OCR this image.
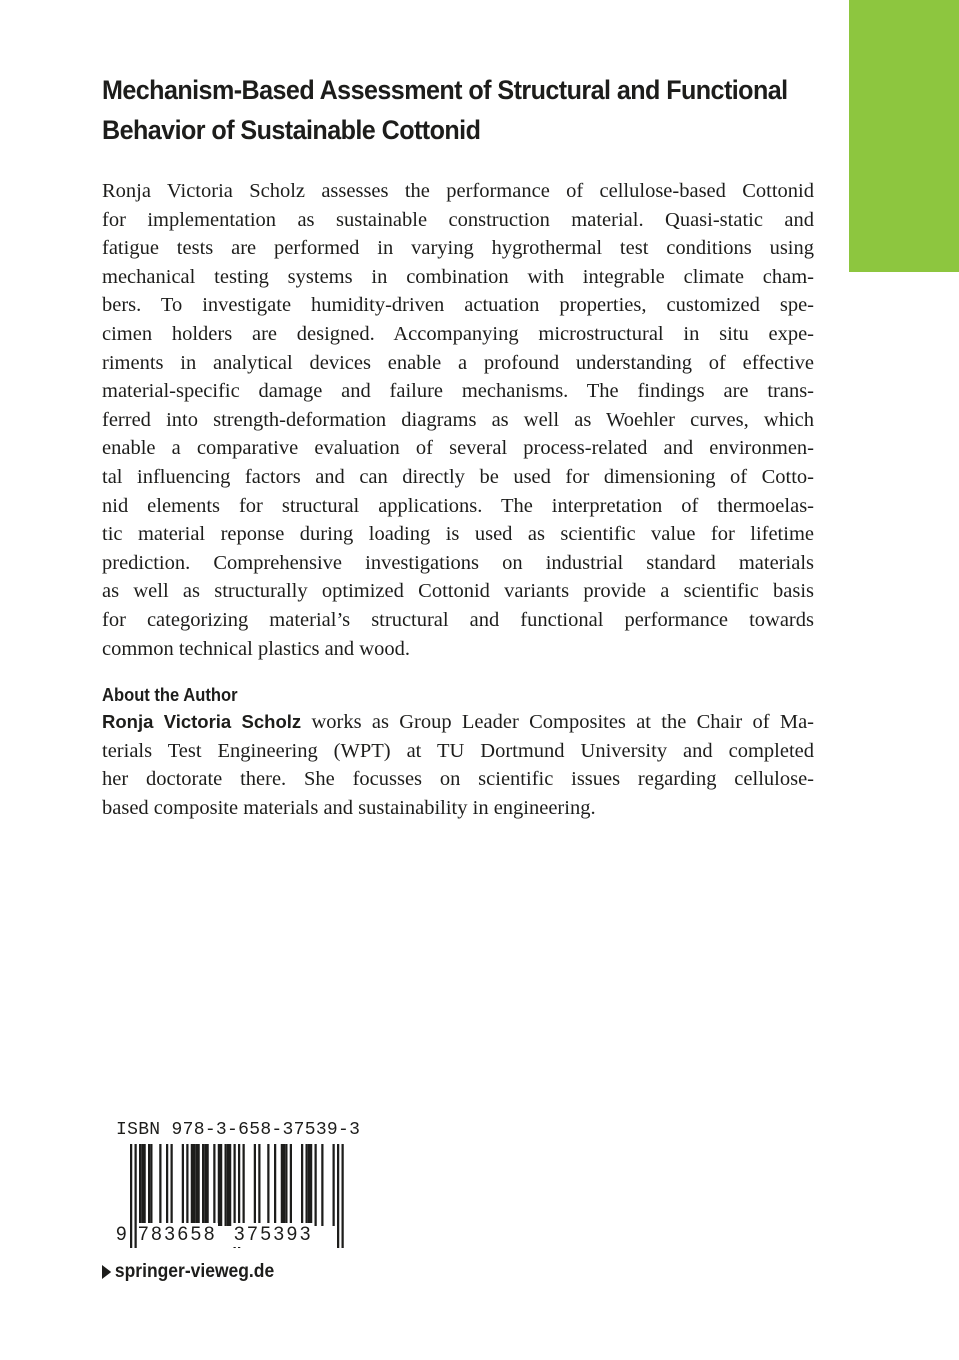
Mechanism-Based Assessment of Structural and Functional
Behavior of Sustainable Cottonid
Ronja Victoria Scholz assesses the performance of cellulose-based Cottonid
for implementation as sustainable construction material. Quasi-static and
fatigue tests are performed in varying hygrothermal test conditions using
mechanical testing systems in combination with integrable climate cham-
bers. To investigate humidity-driven actuation properties, customized spe-
cimen holders are designed. Accompanying microstructural in situ expe-
riments in analytical devices enable a profound understanding of effective
material-specific damage and failure mechanisms. The findings are trans-
ferred into strength-deformation diagrams as well as Woehler curves, which
enable a comparative evaluation of several process-related and environmen-
tal influencing factors and can directly be used for dimensioning of Cotto-
nid elements for structural applications. The interpretation of thermoelas-
tic material reponse during loading is used as scientific value for lifetime
prediction. Comprehensive investigations on industrial standard materials
as well as structurally optimized Cottonid variants provide a scientific basis
for categorizing material’s structural and functional performance towards
common technical plastics and wood.
About the Author
Ronja Victoria Scholz works as Group Leader Composites at the Chair of Ma-
terials Test Engineering (WPT) at TU Dortmund University and completed
her doctorate there. She focusses on scientific issues regarding cellulose-
based composite materials and sustainability in engineering.
ISBN 978-3-658-37539-3
9 783658 375393
springer-vieweg.de
